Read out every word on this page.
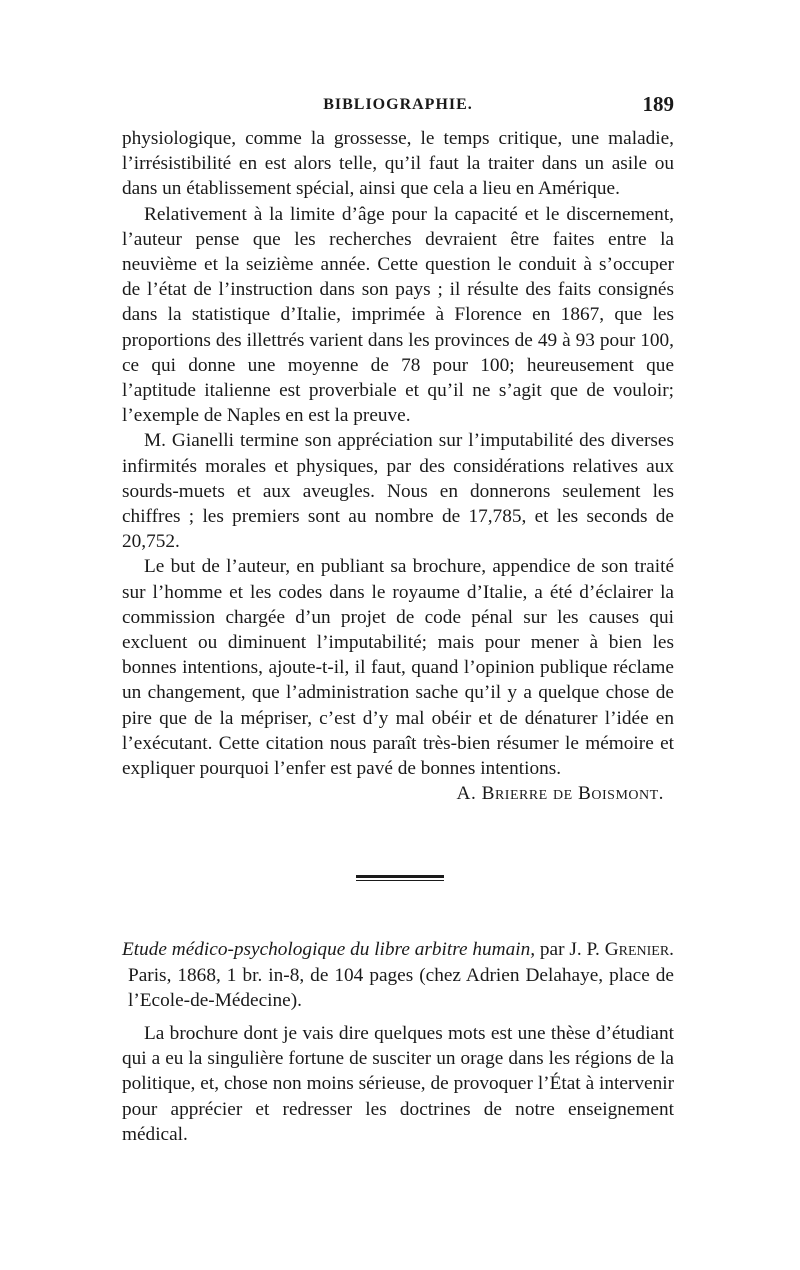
BIBLIOGRAPHIE.	189

physiologique, comme la grossesse, le temps critique, une maladie, l’irrésistibilité en est alors telle, qu’il faut la traiter dans un asile ou dans un établissement spécial, ainsi que cela a lieu en Amérique.

Relativement à la limite d’âge pour la capacité et le discernement, l’auteur pense que les recherches devraient être faites entre la neuvième et la seizième année. Cette question le conduit à s’occuper de l’état de l’instruction dans son pays ; il résulte des faits consignés dans la statistique d’Italie, imprimée à Florence en 1867, que les proportions des illettrés varient dans les provinces de 49 à 93 pour 100, ce qui donne une moyenne de 78 pour 100; heureusement que l’aptitude italienne est proverbiale et qu’il ne s’agit que de vouloir; l’exemple de Naples en est la preuve.

M. Gianelli termine son appréciation sur l’imputabilité des diverses infirmités morales et physiques, par des considérations relatives aux sourds-muets et aux aveugles. Nous en donnerons seulement les chiffres ; les premiers sont au nombre de 17,785, et les seconds de 20,752.

Le but de l’auteur, en publiant sa brochure, appendice de son traité sur l’homme et les codes dans le royaume d’Italie, a été d’éclairer la commission chargée d’un projet de code pénal sur les causes qui excluent ou diminuent l’imputabilité; mais pour mener à bien les bonnes intentions, ajoute-t-il, il faut, quand l’opinion publique réclame un changement, que l’administration sache qu’il y a quelque chose de pire que de la mépriser, c’est d’y mal obéir et de dénaturer l’idée en l’exécutant. Cette citation nous paraît très-bien résumer le mémoire et expliquer pourquoi l’enfer est pavé de bonnes intentions.

A. Brierre de Boismont.

Etude médico-psychologique du libre arbitre humain, par J. P. Grenier. Paris, 1868, 1 br. in-8, de 104 pages (chez Adrien Delahaye, place de l’Ecole-de-Médecine).

La brochure dont je vais dire quelques mots est une thèse d’étudiant qui a eu la singulière fortune de susciter un orage dans les régions de la politique, et, chose non moins sérieuse, de provoquer l’État à intervenir pour apprécier et redresser les doctrines de notre enseignement médical.
